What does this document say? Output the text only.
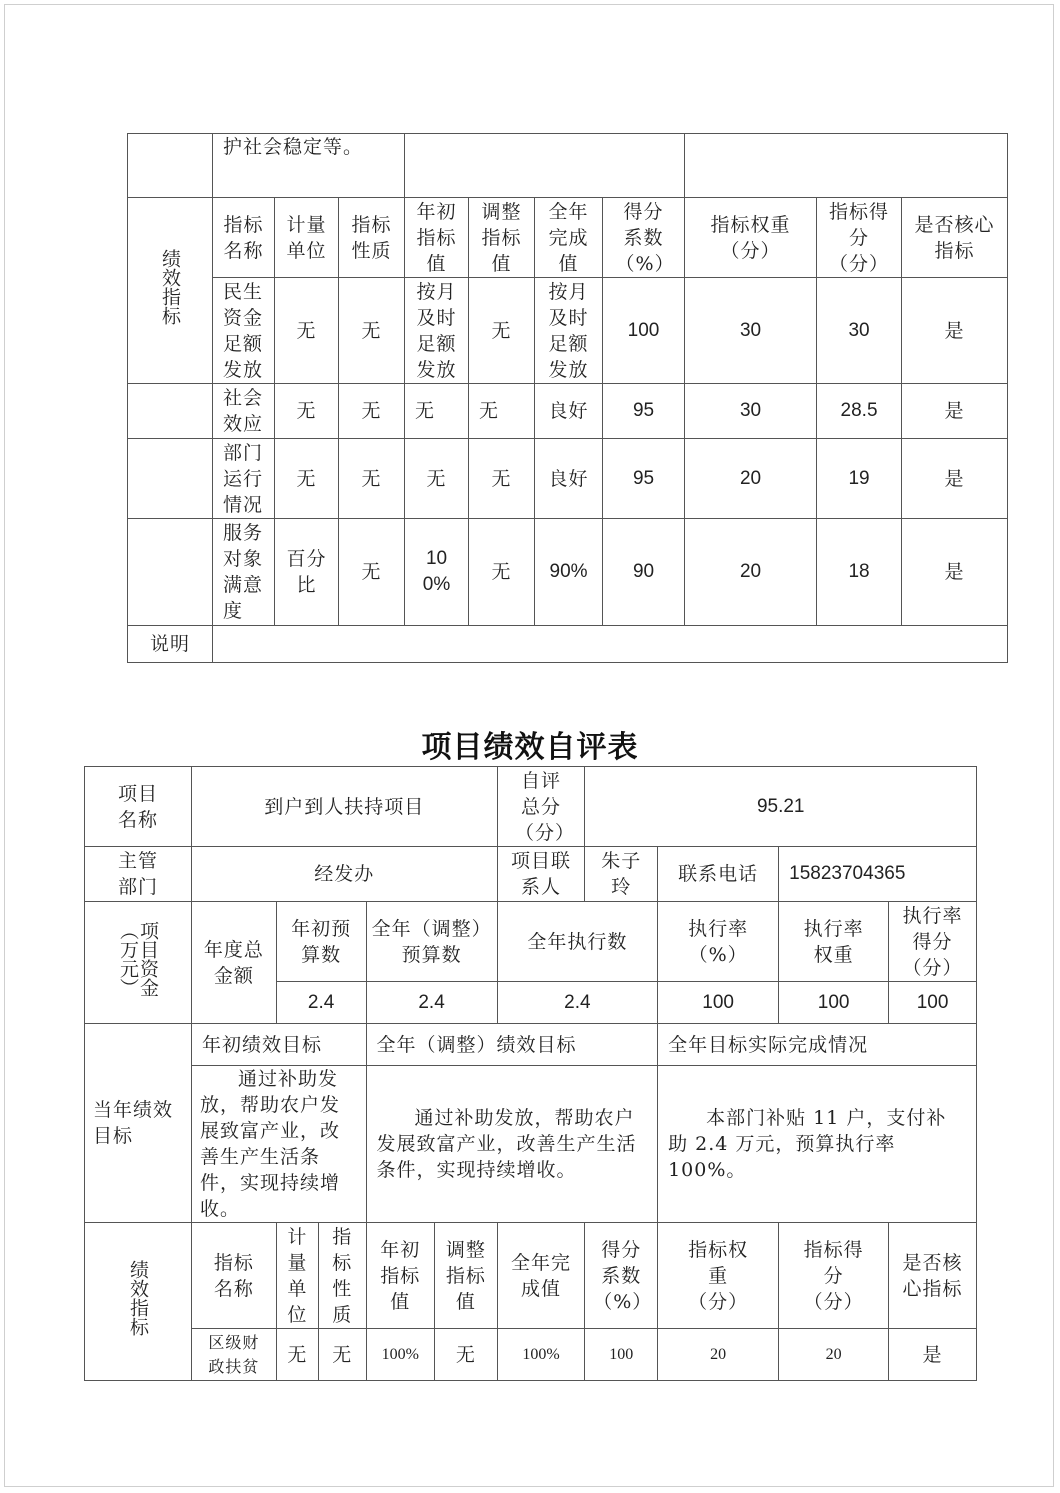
	护社会稳定等。									
绩效指标	指标名称	计量单位	指标性质	年初指标值	调整指标值	全年完成值	得分系数（%）	指标权重（分）	指标得分（分）	是否核心指标
	民生资金足额发放	无	无	按月及时足额发放	无	按月及时足额发放	100	30	30	是
	社会效应	无	无	无	无	良好	95	30	28.5	是
	部门运行情况	无	无	无	无	良好	95	20	19	是
	服务对象满意度	百分比	无	100%	无	90%	90	20	18	是
说明										
项目绩效自评表
项目名称	到户到人扶持项目					自评总分（分）	95.21			
主管部门	经发办					项目联系人	朱子玲	联系电话	15823704365	

项目资金（万元）	年度总金额	年初预算数		全年（调整）预算数		全年执行数		执行率（%）	执行率权重	执行率得分（分）
		2.4		2.4		2.4		100	100	100
当年绩效目标	年初绩效目标			全年（调整）绩效目标				全年目标实际完成情况		
	通过补助发放，帮助农户发展致富产业，改善生产生活条件，实现持续增收。			通过补助发放，帮助农户发展致富产业，改善生产生活条件，实现持续增收。				本部门补贴 11 户，支付补助 2.4 万元，预算执行率 100%。		
绩效指标	指标名称	计量单位	指标性质	年初指标值	调整指标值	全年完成值	得分系数（%）	指标权重（分）	指标得分（分）	是否核心指标
	区级财政扶贫	无	无	100%	无	100%	100	20	20	是
